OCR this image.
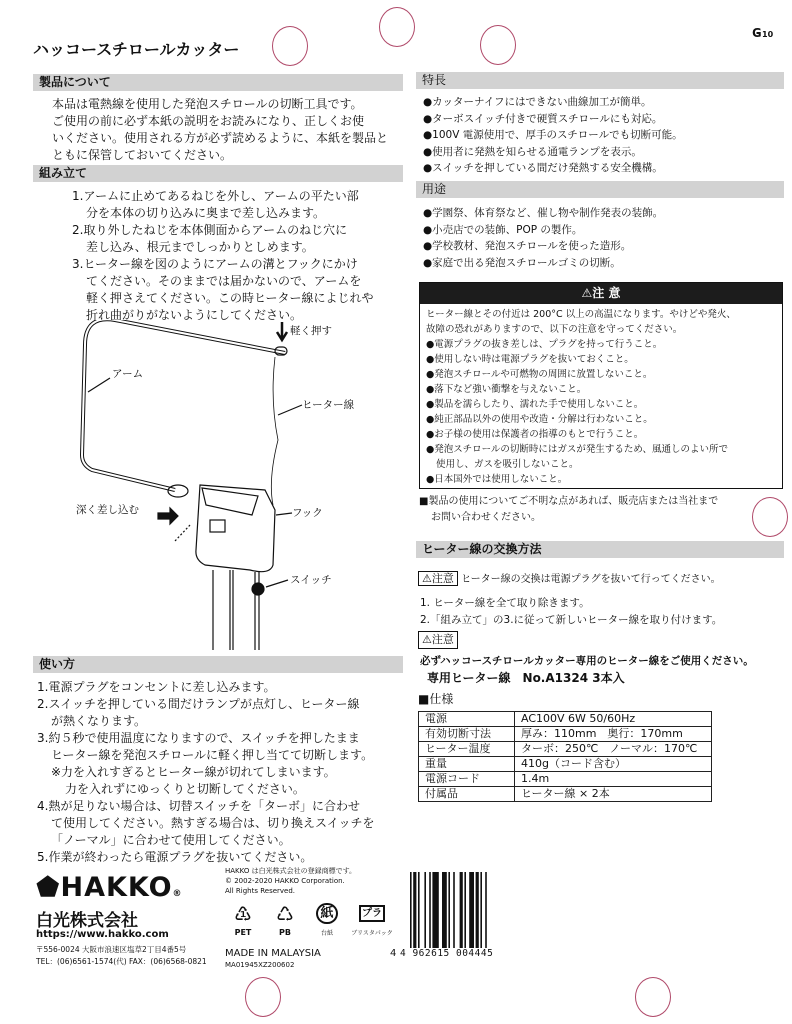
ハッコースチロールカッター
ɢ10
製品について
本品は電熱線を使用した発泡スチロールの切断工具です。
ご使用の前に必ず本紙の説明をお読みになり、正しくお使
いください。使用される方が必ず読めるように、本紙を製品と
ともに保管しておいてください。
組み立て
1.アームに止めてあるねじを外し、アームの平たい部
分を本体の切り込みに奥まで差し込みます。
2.取り外したねじを本体側面からアームのねじ穴に
差し込み、根元までしっかりとしめます。
3.ヒーター線を図のようにアームの溝とフックにかけ
てください。そのままでは届かないので、アームを
軽く押さえてください。この時ヒーター線によじれや
折れ曲がりがないようにしてください。
軽く押す
アーム
ヒーター線
深く差し込む	フック
スイッチ
使い方
1.電源プラグをコンセントに差し込みます。
2.スイッチを押している間だけランプが点灯し、ヒーター線
が熱くなります。
3.約５秒で使用温度になりますので、スイッチを押したまま
ヒーター線を発泡スチロールに軽く押し当てて切断します。
※力を入れすぎるとヒーター線が切れてしまいます。
力を入れずにゆっくりと切断してください。
4.熱が足りない場合は、切替スイッチを「ターボ」に合わせ
て使用してください。熱すぎる場合は、切り換えスイッチを
「ノーマル」に合わせて使用してください。
5.作業が終わったら電源プラグを抜いてください。
特長
●カッターナイフにはできない曲線加工が簡単。
●ターボスイッチ付きで硬質スチロールにも対応。
●100V 電源使用で、厚手のスチロールでも切断可能。
●使用者に発熱を知らせる通電ランプを表示。
●スイッチを押している間だけ発熱する安全機構。
用途
●学園祭、体育祭など、催し物や制作発表の装飾。
●小売店での装飾、POP の製作。
●学校教材、発泡スチロールを使った造形。
●家庭で出る発泡スチロールゴミの切断。
⚠注 意
ヒーター線とその付近は 200°C 以上の高温になります。やけどや発火、
故障の恐れがありますので、以下の注意を守ってください。
●電源プラグの抜き差しは、プラグを持って行うこと。
●使用しない時は電源プラグを抜いておくこと。
●発泡スチロールや可燃物の周囲に放置しないこと。
●落下など強い衝撃を与えないこと。
●製品を濡らしたり、濡れた手で使用しないこと。
●純正部品以外の使用や改造・分解は行わないこと。
●お子様の使用は保護者の指導のもとで行うこと。
●発泡スチロールの切断時にはガスが発生するため、風通しのよい所で
使用し、ガスを吸引しないこと。
●日本国外では使用しないこと。
■製品の使用についてご不明な点があれば、販売店または当社まで
お問い合わせください。
ヒーター線の交換方法
⚠注意 ヒーター線の交換は電源プラグを抜いて行ってください。
1. ヒーター線を全て取り除きます。
2.「組み立て」の3.に従って新しいヒーター線を取り付けます。
⚠注意
必ずハッコースチロールカッター専用のヒーター線をご使用ください。
専用ヒーター線　No.A1324 3本入
■仕様
電源	AC100V 6W 50/60Hz
有効切断寸法	厚み：110mm　奥行：170mm
ヒーター温度	ターボ：250℃　ノーマル：170℃
重量	410g（コード含む）
電源コード	1.4m
付属品	ヒーター線 × 2本
⬟HAKKO®
白光株式会社
https://www.hakko.com
〒556-0024 大阪市浪速区塩草2丁目4番5号
TEL：(06)6561-1574(代) FAX：(06)6568-0821
HAKKO は白光株式会社の登録商標です。
© 2002-2020 HAKKO Corporation.
All Rights Reserved.
♳
PET
♺
PB
紙
台紙
プラ
ブリスタパック
MADE IN MALAYSIA
MA01945XZ200602
4 4 962615 004445
